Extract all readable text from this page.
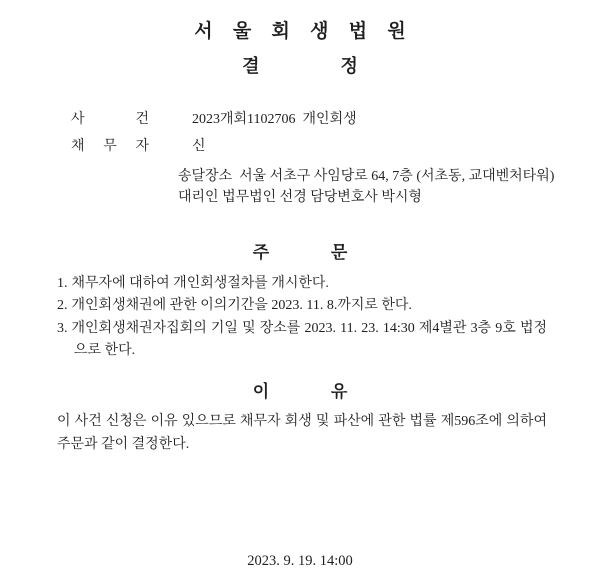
서 울 회 생 법 원
결 정

사 건	2023개회1102706  개인회생

채 무 자	신

송달장소  서울 서초구 사임당로 64, 7층 (서초동, 교대벤처타워)
대리인 법무법인 선경 담당변호사 박시형
주 문
1. 채무자에 대하여 개인회생절차를 개시한다.
2. 개인회생채권에 관한 이의기간을 2023. 11. 8.까지로 한다.
3. 개인회생채권자집회의 기일 및 장소를 2023. 11. 23. 14:30 제4별관 3층 9호 법정으로 한다.
이 유
이 사건 신청은 이유 있으므로 채무자 회생 및 파산에 관한 법률 제596조에 의하여 주문과 같이 결정한다.
2023. 9. 19. 14:00
